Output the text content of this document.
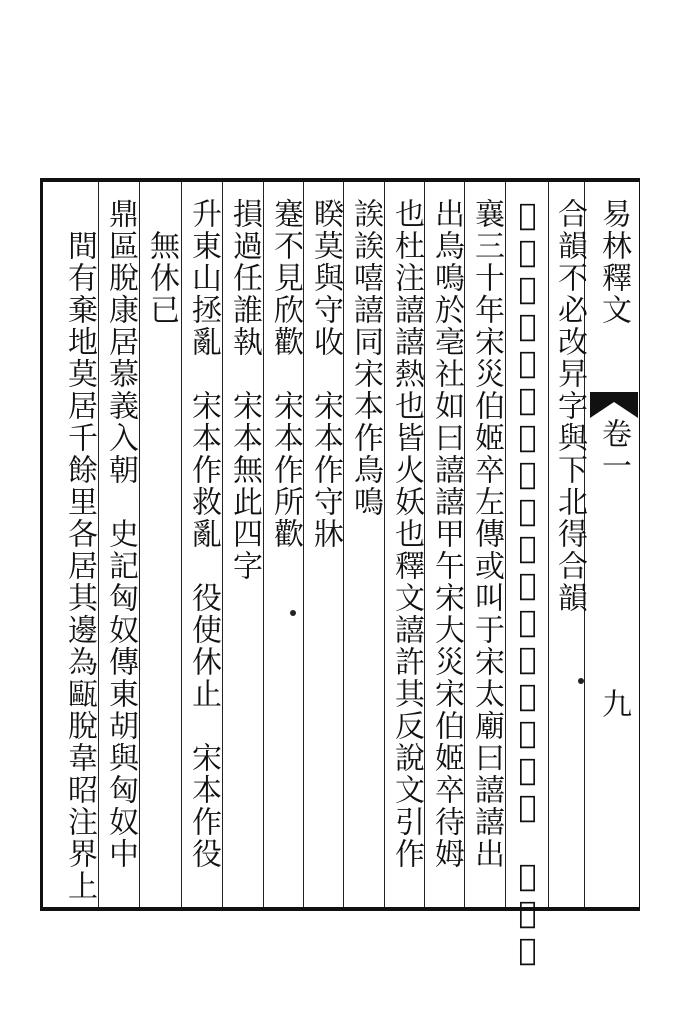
易林釋文
卷一
九
合韻不必改㫒字與下北得合韻
𣱵鳥鵲嘻嘻天火將起燔我室屋災及妃后　案春秋
襄三十年宋災伯姬卒左傳或叫于宋太廟曰譆譆出
出鳥鳴於亳社如曰譆譆甲午宋大災宋伯姬卒待姆
也杜注譆譆熱也皆火妖也釋文譆許其反說文引作
誒誒嘻譆同宋本作鳥鳴
睽莫與守收　宋本作守牀
蹇不見欣歡　宋本作所歡
損過任誰執　宋本無此四字
升東山拯亂　宋本作救亂　役使休止　宋本作役
無休已
鼎區脫康居慕義入朝　史記匈奴傳東胡與匈奴中
間有棄地莫居千餘里各居其邊為甌脫韋昭注界上
